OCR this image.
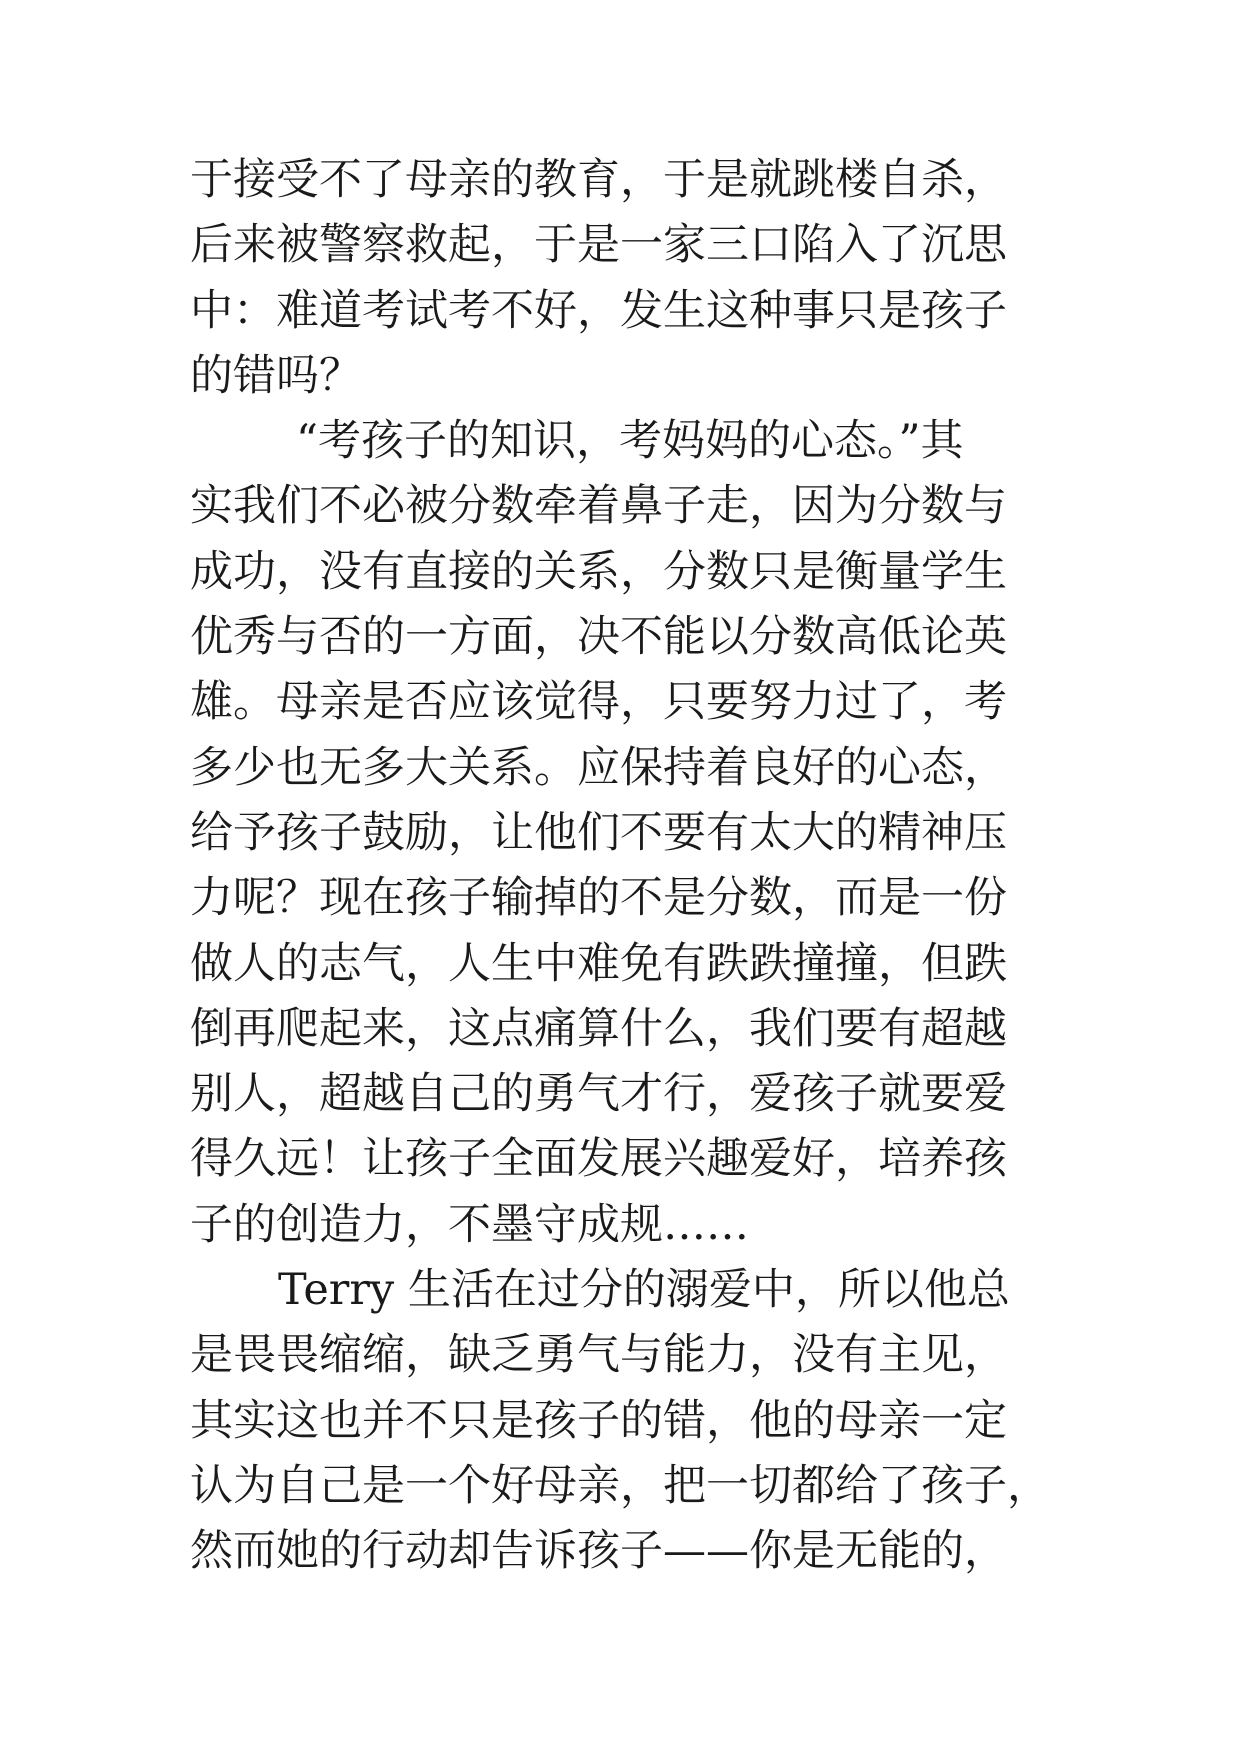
于接受不了母亲的教育，于是就跳楼自杀，
后来被警察救起，于是一家三口陷入了沉思
中：难道考试考不好，发生这种事只是孩子
的错吗？
“考孩子的知识，考妈妈的心态。”其
实我们不必被分数牵着鼻子走，因为分数与
成功，没有直接的关系，分数只是衡量学生
优秀与否的一方面，决不能以分数高低论英
雄。母亲是否应该觉得，只要努力过了，考
多少也无多大关系。应保持着良好的心态，
给予孩子鼓励，让他们不要有太大的精神压
力呢？现在孩子输掉的不是分数，而是一份
做人的志气，人生中难免有跌跌撞撞，但跌
倒再爬起来，这点痛算什么，我们要有超越
别人，超越自己的勇气才行，爱孩子就要爱
得久远！让孩子全面发展兴趣爱好，培养孩
子的创造力，不墨守成规……
Terry 生活在过分的溺爱中，所以他总
是畏畏缩缩，缺乏勇气与能力，没有主见，
其实这也并不只是孩子的错，他的母亲一定
认为自己是一个好母亲，把一切都给了孩子，
然而她的行动却告诉孩子——你是无能的，
